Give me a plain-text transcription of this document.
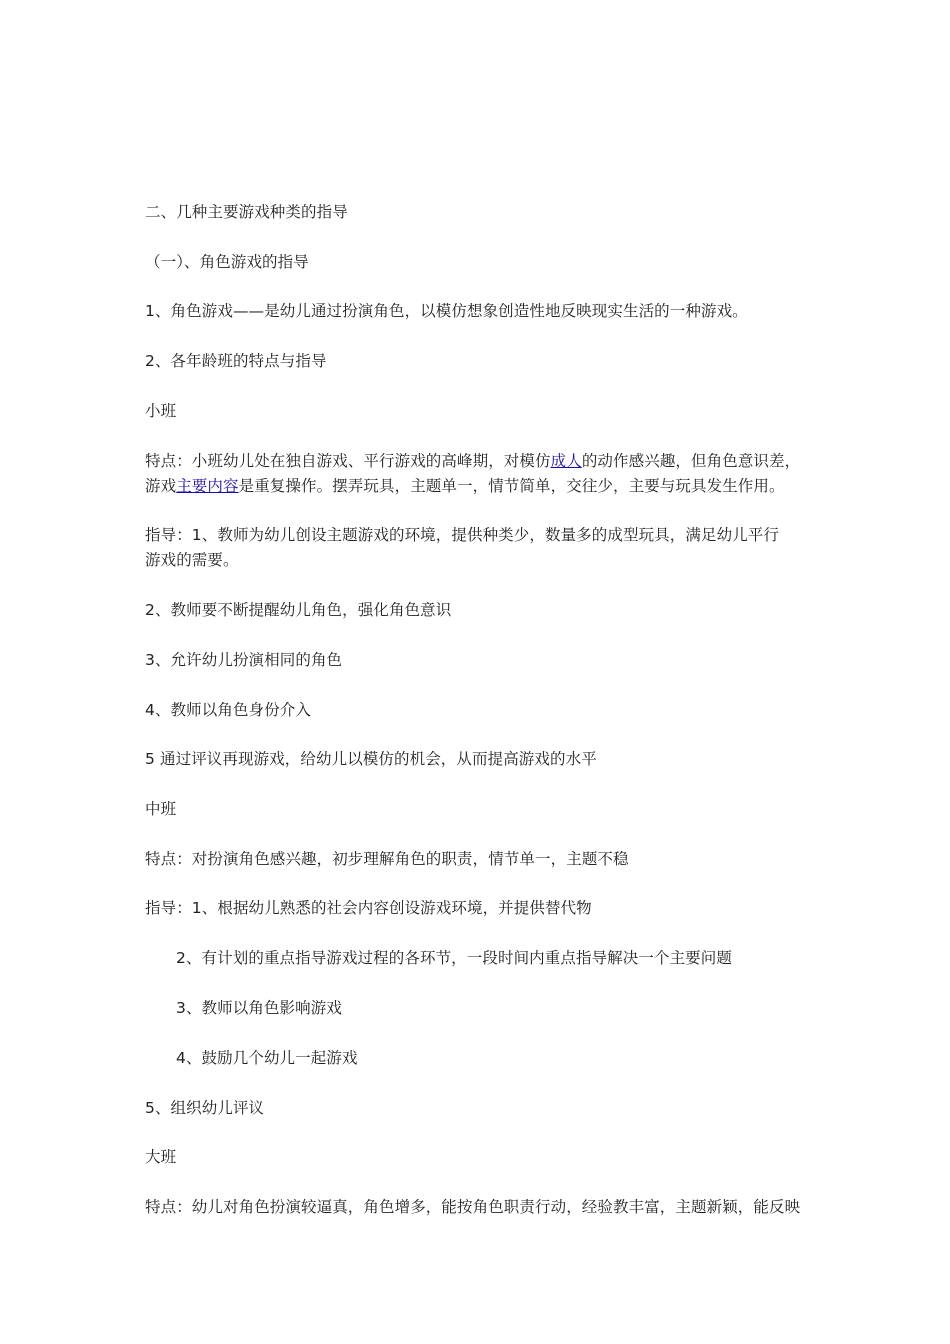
二、几种主要游戏种类的指导
（一）、角色游戏的指导
1、角色游戏——是幼儿通过扮演角色，以模仿想象创造性地反映现实生活的一种游戏。
2、各年龄班的特点与指导
小班
特点：小班幼儿处在独自游戏、平行游戏的高峰期，对模仿成人的动作感兴趣，但角色意识差，
游戏主要内容是重复操作。摆弄玩具，主题单一，情节简单，交往少，主要与玩具发生作用。
指导：1、教师为幼儿创设主题游戏的环境，提供种类少，数量多的成型玩具，满足幼儿平行
游戏的需要。
2、教师要不断提醒幼儿角色，强化角色意识
3、允许幼儿扮演相同的角色
4、教师以角色身份介入
5 通过评议再现游戏，给幼儿以模仿的机会，从而提高游戏的水平
中班
特点：对扮演角色感兴趣，初步理解角色的职责，情节单一，主题不稳
指导：1、根据幼儿熟悉的社会内容创设游戏环境，并提供替代物
2、有计划的重点指导游戏过程的各环节，一段时间内重点指导解决一个主要问题
3、教师以角色影响游戏
4、鼓励几个幼儿一起游戏
5、组织幼儿评议
大班
特点：幼儿对角色扮演较逼真，角色增多，能按角色职责行动，经验教丰富，主题新颖，能反映
